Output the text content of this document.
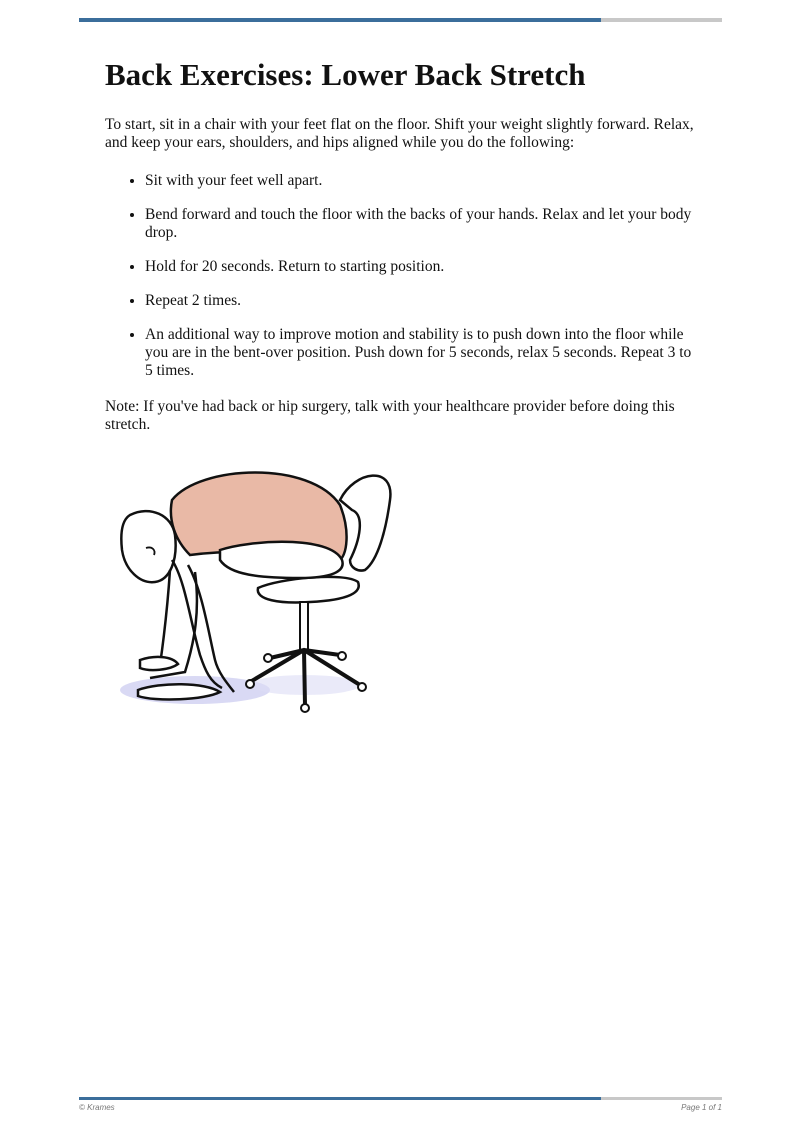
Back Exercises: Lower Back Stretch

To start, sit in a chair with your feet flat on the floor. Shift your weight slightly forward. Relax, and keep your ears, shoulders, and hips aligned while you do the following:

• Sit with your feet well apart.
• Bend forward and touch the floor with the backs of your hands. Relax and let your body drop.
• Hold for 20 seconds. Return to starting position.
• Repeat 2 times.
• An additional way to improve motion and stability is to push down into the floor while you are in the bent-over position. Push down for 5 seconds, relax 5 seconds. Repeat 3 to 5 times.

Note: If you've had back or hip surgery, talk with your healthcare provider before doing this stretch.

© Krames	Page 1 of 1
